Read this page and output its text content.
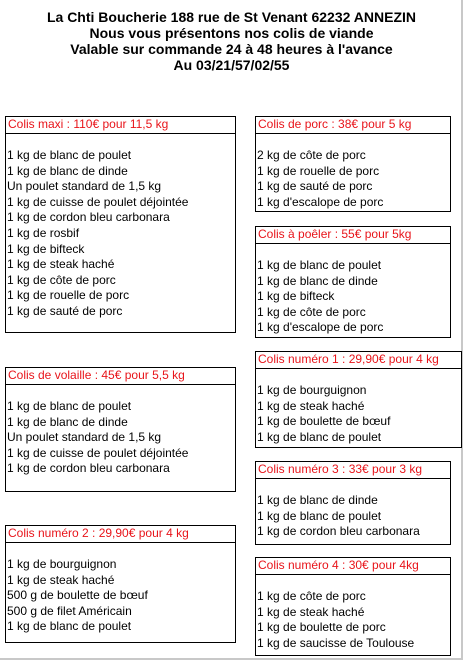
La Chti Boucherie 188 rue de St Venant 62232 ANNEZIN
Nous vous présentons nos colis de viande
Valable sur commande 24 à 48 heures à l'avance
Au 03/21/57/02/55
Colis maxi : 110€ pour 11,5 kg
1 kg de blanc de poulet
1 kg de blanc de dinde
Un poulet standard de 1,5 kg
1 kg de cuisse de poulet déjointée
1 kg de cordon bleu carbonara
1 kg de rosbif
1 kg de bifteck
1 kg de steak haché
1 kg de côte de porc
1 kg de rouelle de porc
1 kg de sauté de porc
Colis de volaille : 45€ pour 5,5 kg
1 kg de blanc de poulet
1 kg de blanc de dinde
Un poulet standard de 1,5 kg
1 kg de cuisse de poulet déjointée
1 kg de cordon bleu carbonara
Colis numéro 2 : 29,90€ pour 4 kg
1 kg de bourguignon
1 kg de steak haché
500 g de boulette de bœuf
500 g de filet Américain
1 kg de blanc de poulet
Colis de porc : 38€ pour 5 kg
2 kg de côte de porc
1 kg de rouelle de porc
1 kg de sauté de porc
1 kg d'escalope de porc
Colis à poêler : 55€ pour 5kg
1 kg de blanc de poulet
1 kg de blanc de dinde
1 kg de bifteck
1 kg de côte de porc
1 kg d'escalope de porc
Colis numéro 1 : 29,90€ pour 4 kg
1 kg de bourguignon
1 kg de steak haché
1 kg de boulette de bœuf
1 kg de blanc de poulet
Colis numéro 3 : 33€ pour 3 kg
1 kg de blanc de dinde
1 kg de blanc de poulet
1 kg de cordon bleu carbonara
Colis numéro 4 : 30€ pour 4kg
1 kg de côte de porc
1 kg de steak haché
1 kg de boulette de porc
1 kg de saucisse de Toulouse
